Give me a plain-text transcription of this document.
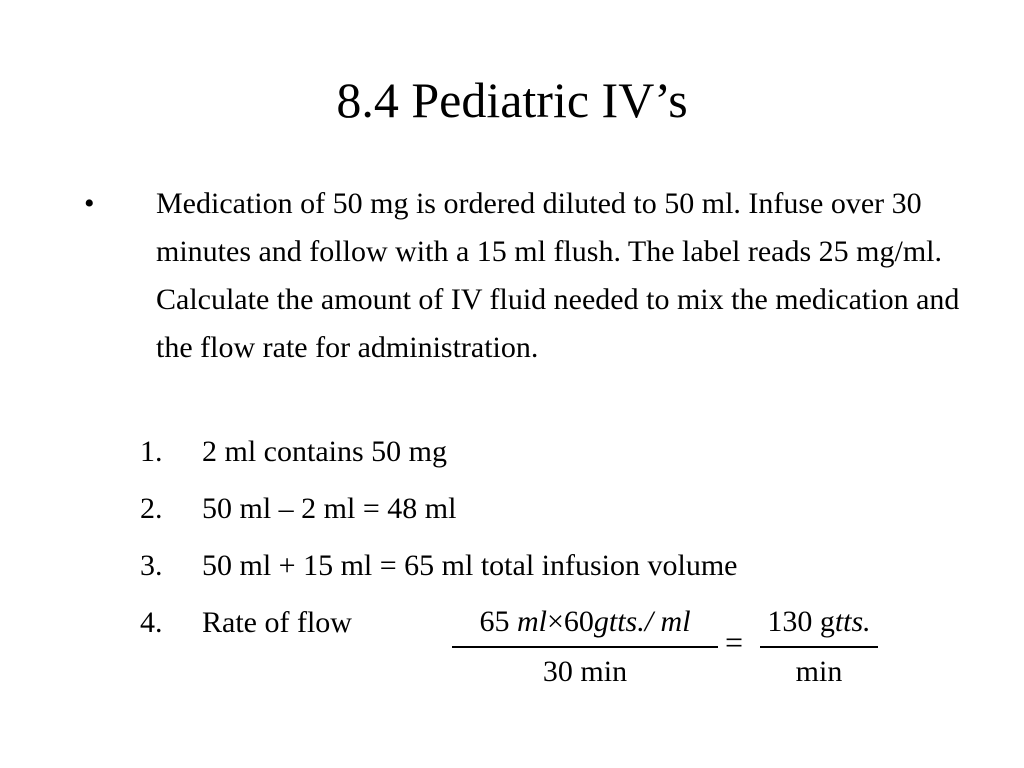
8.4 Pediatric IV’s
• Medication of 50 mg is ordered diluted to 50 ml. Infuse over 30 minutes and follow with a 15 ml flush. The label reads 25 mg/ml. Calculate the amount of IV fluid needed to mix the medication and the flow rate for administration.
1. 2 ml contains 50 mg
2. 50 ml – 2 ml = 48 ml
3. 50 ml + 15 ml = 65 ml total infusion volume
4. Rate of flow	65 ml×60gtts./ ml
30 min
=
130 gtts.
min
